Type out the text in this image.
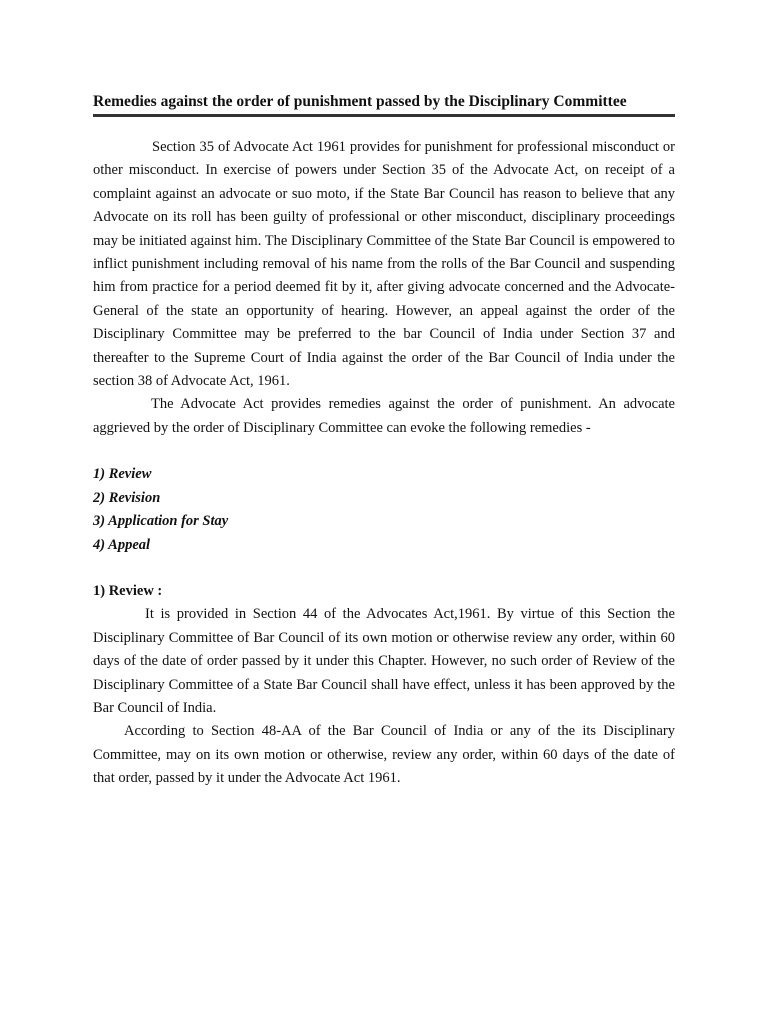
Remedies against the order of punishment passed by the Disciplinary Committee

Section 35 of Advocate Act 1961 provides for punishment for professional misconduct or other misconduct. In exercise of powers under Section 35 of the Advocate Act, on receipt of a complaint against an advocate or suo moto, if the State Bar Council has reason to believe that any Advocate on its roll has been guilty of professional or other misconduct, disciplinary proceedings may be initiated against him. The Disciplinary Committee of the State Bar Council is empowered to inflict punishment including removal of his name from the rolls of the Bar Council and suspending him from practice for a period deemed fit by it, after giving advocate concerned and the Advocate-General of the state an opportunity of hearing. However, an appeal against the order of the Disciplinary Committee may be preferred to the bar Council of India under Section 37 and thereafter to the Supreme Court of India against the order of the Bar Council of India under the section 38 of Advocate Act, 1961.

The Advocate Act provides remedies against the order of punishment. An advocate aggrieved by the order of Disciplinary Committee can evoke the following remedies -

1) Review
2) Revision
3) Application for Stay
4) Appeal

1) Review :

It is provided in Section 44 of the Advocates Act,1961. By virtue of this Section the Disciplinary Committee of Bar Council of its own motion or otherwise review any order, within 60 days of the date of order passed by it under this Chapter. However, no such order of Review of the Disciplinary Committee of a State Bar Council shall have effect, unless it has been approved by the Bar Council of India.

According to Section 48-AA of the Bar Council of India or any of the its Disciplinary Committee, may on its own motion or otherwise, review any order, within 60 days of the date of that order, passed by it under the Advocate Act 1961.
